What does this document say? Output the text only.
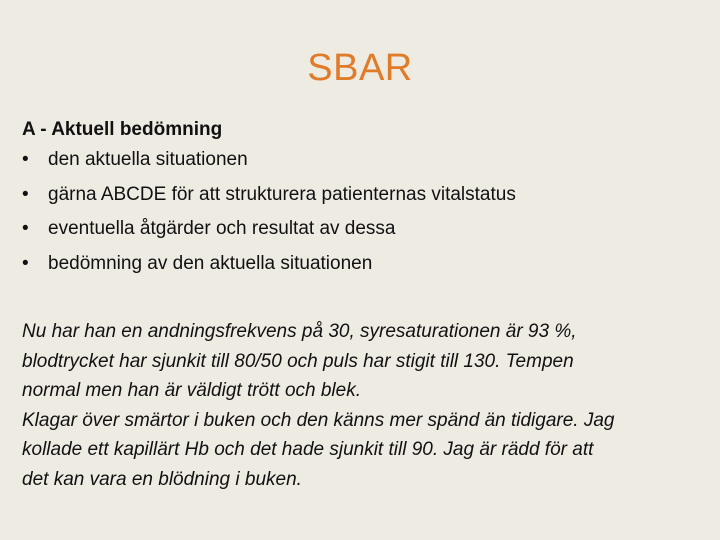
SBAR
A - Aktuell bedömning
• den aktuella situationen
• gärna ABCDE för att strukturera patienternas vitalstatus
• eventuella åtgärder och resultat av dessa
• bedömning av den aktuella situationen

Nu har han en andningsfrekvens på 30, syresaturationen är 93 %,

blodtrycket har sjunkit till 80/50 och puls har stigit till 130. Tempen

normal men han är väldigt trött och blek.

Klagar över smärtor i buken och den känns mer spänd än tidigare. Jag

kollade ett kapillärt Hb och det hade sjunkit till 90. Jag är rädd för att

det kan vara en blödning i buken.
